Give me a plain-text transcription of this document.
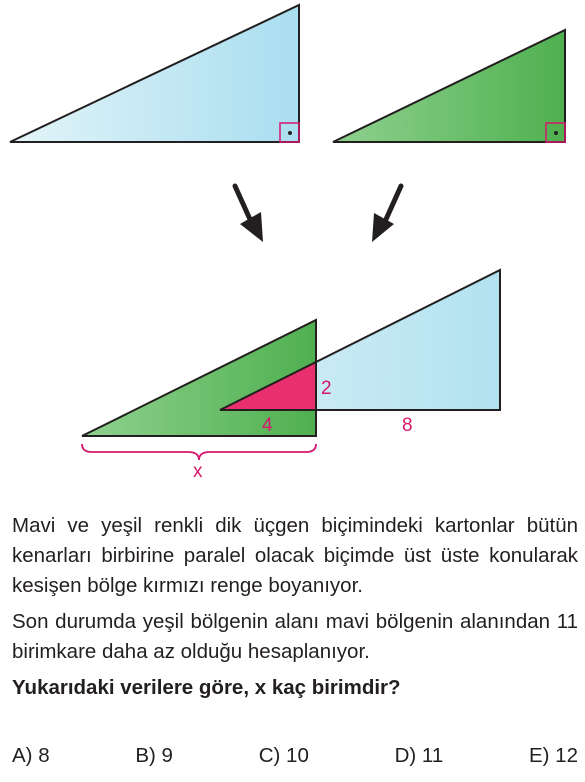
2
4	8
x

Mavi ve yeşil renkli dik üçgen biçimindeki kartonlar bütün kenarları birbirine paralel olacak biçimde üst üste konularak kesişen bölge kırmızı renge boyanıyor.

Son durumda yeşil bölgenin alanı mavi bölgenin alanından 11 birimkare daha az olduğu hesaplanıyor.

Yukarıdaki verilere göre, x kaç birimdir?

A) 8	B) 9	C) 10	D) 11	E) 12
